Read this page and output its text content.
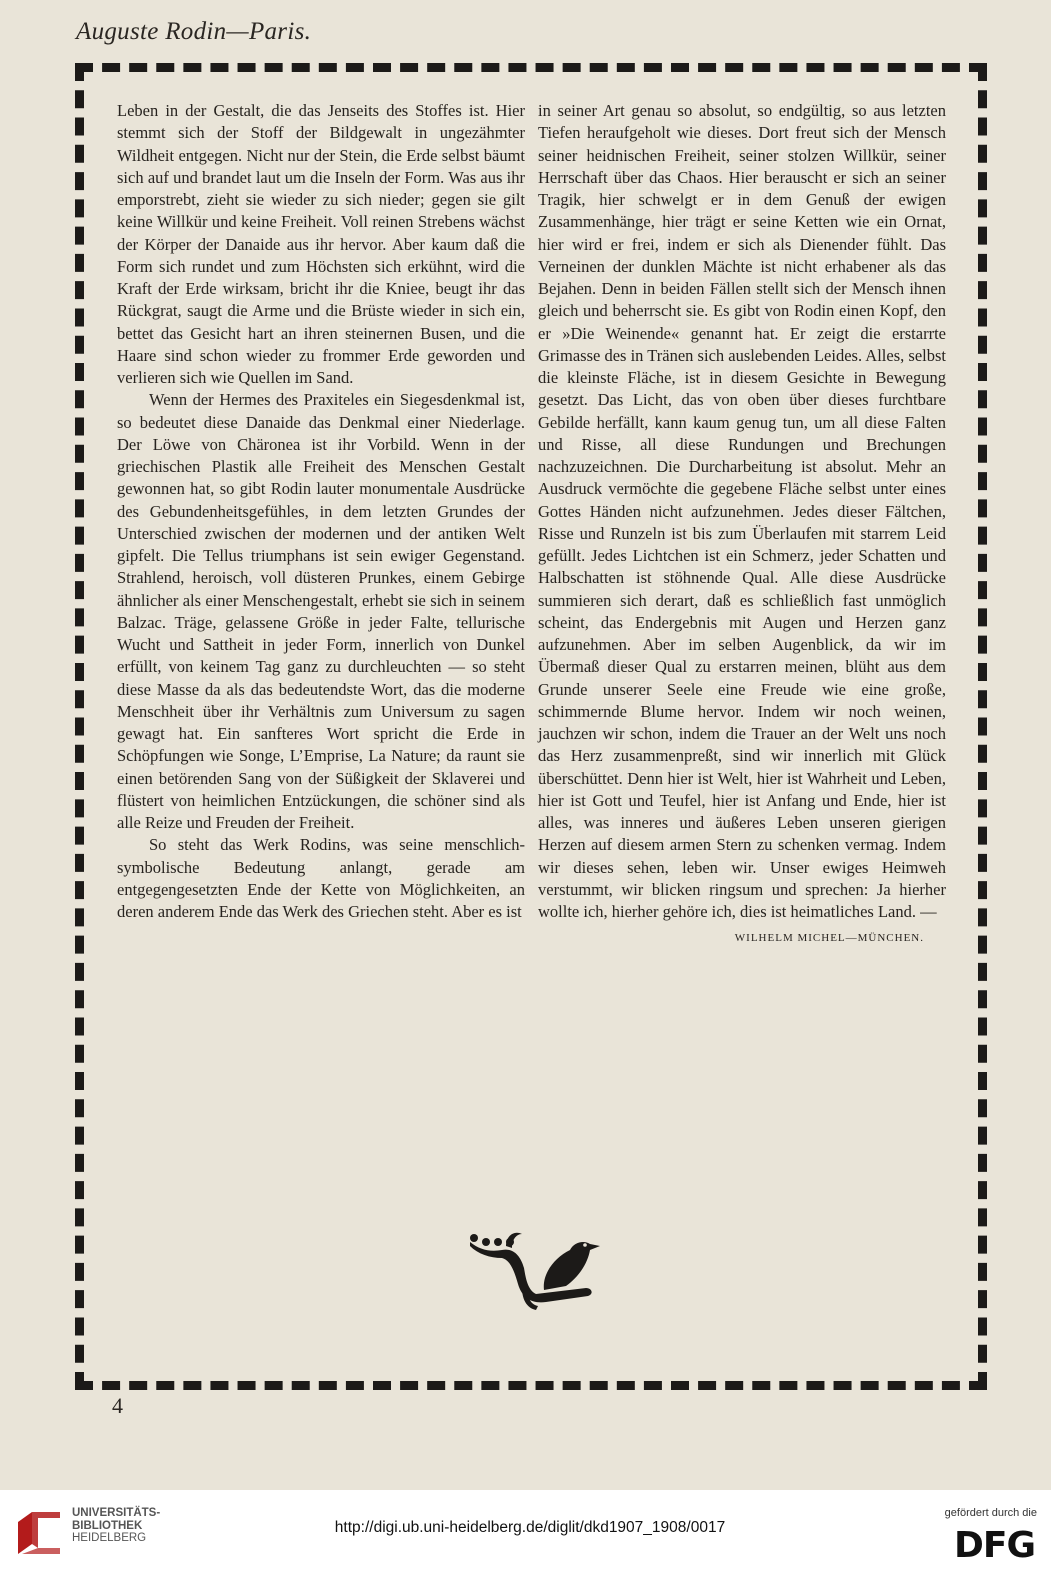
Auguste Rodin—Paris.

Leben in der Gestalt, die das Jenseits des Stoffes ist. Hier stemmt sich der Stoff der Bildgewalt in ungezähmter Wildheit entgegen. Nicht nur der Stein, die Erde selbst bäumt sich auf und brandet laut um die Inseln der Form. Was aus ihr emporstrebt, zieht sie wieder zu sich nieder; gegen sie gilt keine Willkür und keine Freiheit. Voll reinen Strebens wächst der Körper der Danaide aus ihr hervor. Aber kaum daß die Form sich rundet und zum Höchsten sich erkühnt, wird die Kraft der Erde wirksam, bricht ihr die Kniee, beugt ihr das Rückgrat, saugt die Arme und die Brüste wieder in sich ein, bettet das Gesicht hart an ihren steinernen Busen, und die Haare sind schon wieder zu frommer Erde geworden und verlieren sich wie Quellen im Sand.

Wenn der Hermes des Praxiteles ein Siegesdenkmal ist, so bedeutet diese Danaide das Denkmal einer Niederlage. Der Löwe von Chäronea ist ihr Vorbild. Wenn in der griechischen Plastik alle Freiheit des Menschen Gestalt gewonnen hat, so gibt Rodin lauter monumentale Ausdrücke des Gebundenheitsgefühles, in dem letzten Grundes der Unterschied zwischen der modernen und der antiken Welt gipfelt. Die Tellus triumphans ist sein ewiger Gegenstand. Strahlend, heroisch, voll düsteren Prunkes, einem Gebirge ähnlicher als einer Menschengestalt, erhebt sie sich in seinem Balzac. Träge, gelassene Größe in jeder Falte, tellurische Wucht und Sattheit in jeder Form, innerlich von Dunkel erfüllt, von keinem Tag ganz zu durchleuchten — so steht diese Masse da als das bedeutendste Wort, das die moderne Menschheit über ihr Verhältnis zum Universum zu sagen gewagt hat. Ein sanfteres Wort spricht die Erde in Schöpfungen wie Songe, L’Emprise, La Nature; da raunt sie einen betörenden Sang von der Süßigkeit der Sklaverei und flüstert von heimlichen Entzückungen, die schöner sind als alle Reize und Freuden der Freiheit.

So steht das Werk Rodins, was seine menschlich-symbolische Bedeutung anlangt, gerade am entgegengesetzten Ende der Kette von Möglichkeiten, an deren anderem Ende das Werk des Griechen steht. Aber es ist

in seiner Art genau so absolut, so endgültig, so aus letzten Tiefen heraufgeholt wie dieses. Dort freut sich der Mensch seiner heidnischen Freiheit, seiner stolzen Willkür, seiner Herrschaft über das Chaos. Hier berauscht er sich an seiner Tragik, hier schwelgt er in dem Genuß der ewigen Zusammenhänge, hier trägt er seine Ketten wie ein Ornat, hier wird er frei, indem er sich als Dienender fühlt. Das Verneinen der dunklen Mächte ist nicht erhabener als das Bejahen. Denn in beiden Fällen stellt sich der Mensch ihnen gleich und beherrscht sie. Es gibt von Rodin einen Kopf, den er »Die Weinende« genannt hat. Er zeigt die erstarrte Grimasse des in Tränen sich auslebenden Leides. Alles, selbst die kleinste Fläche, ist in diesem Gesichte in Bewegung gesetzt. Das Licht, das von oben über dieses furchtbare Gebilde herfällt, kann kaum genug tun, um all diese Falten und Risse, all diese Rundungen und Brechungen nachzuzeichnen. Die Durcharbeitung ist absolut. Mehr an Ausdruck vermöchte die gegebene Fläche selbst unter eines Gottes Händen nicht aufzunehmen. Jedes dieser Fältchen, Risse und Runzeln ist bis zum Überlaufen mit starrem Leid gefüllt. Jedes Lichtchen ist ein Schmerz, jeder Schatten und Halbschatten ist stöhnende Qual. Alle diese Ausdrücke summieren sich derart, daß es schließlich fast unmöglich scheint, das Endergebnis mit Augen und Herzen ganz aufzunehmen. Aber im selben Augenblick, da wir im Übermaß dieser Qual zu erstarren meinen, blüht aus dem Grunde unserer Seele eine Freude wie eine große, schimmernde Blume hervor. Indem wir noch weinen, jauchzen wir schon, indem die Trauer an der Welt uns noch das Herz zusammenpreßt, sind wir innerlich mit Glück überschüttet. Denn hier ist Welt, hier ist Wahrheit und Leben, hier ist Gott und Teufel, hier ist Anfang und Ende, hier ist alles, was inneres und äußeres Leben unseren gierigen Herzen auf diesem armen Stern zu schenken vermag. Indem wir dieses sehen, leben wir. Unser ewiges Heimweh verstummt, wir blicken ringsum und sprechen: Ja hierher wollte ich, hierher gehöre ich, dies ist heimatliches Land. —

WILHELM MICHEL—MÜNCHEN.
4
UNIVERSITÄTS-
BIBLIOTHEK
HEIDELBERG
http://digi.ub.uni-heidelberg.de/diglit/dkd1907_1908/0017
gefördert durch die
DFG
